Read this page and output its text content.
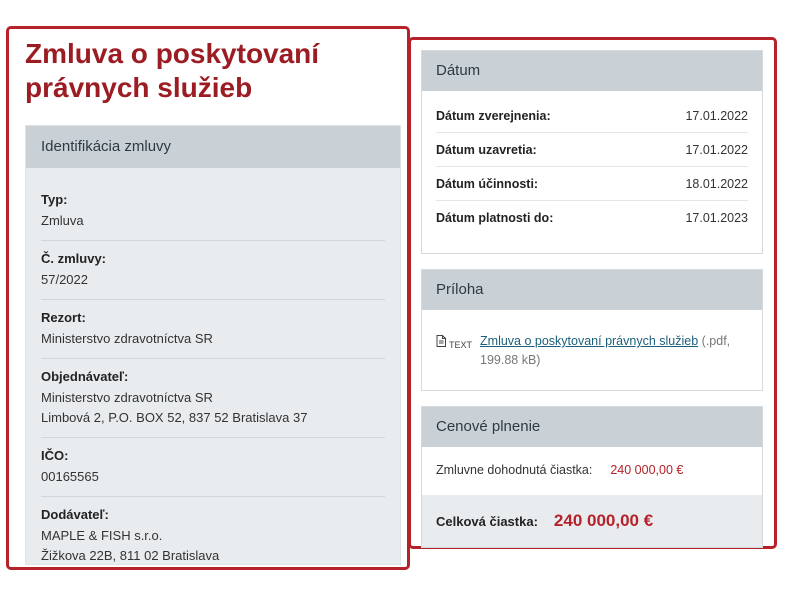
Zmluva o poskytovaní právnych služieb
Identifikácia zmluvy
Typ:
Zmluva
Č. zmluvy:
57/2022
Rezort:
Ministerstvo zdravotníctva SR
Objednávateľ:
Ministerstvo zdravotníctva SR
Limbová 2, P.O. BOX 52, 837 52 Bratislava 37
IČO:
00165565
Dodávateľ:
MAPLE & FISH s.r.o.
Žižkova 22B, 811 02 Bratislava
Dátum
Dátum zverejnenia:	17.01.2022
Dátum uzavretia:	17.01.2022
Dátum účinnosti:	18.01.2022
Dátum platnosti do:	17.01.2023
Príloha
TEXT Zmluva o poskytovaní právnych služieb (.pdf,
199.88 kB)
Cenové plnenie
Zmluvne dohodnutá čiastka: 240 000,00 €
Celková čiastka: 240 000,00 €
